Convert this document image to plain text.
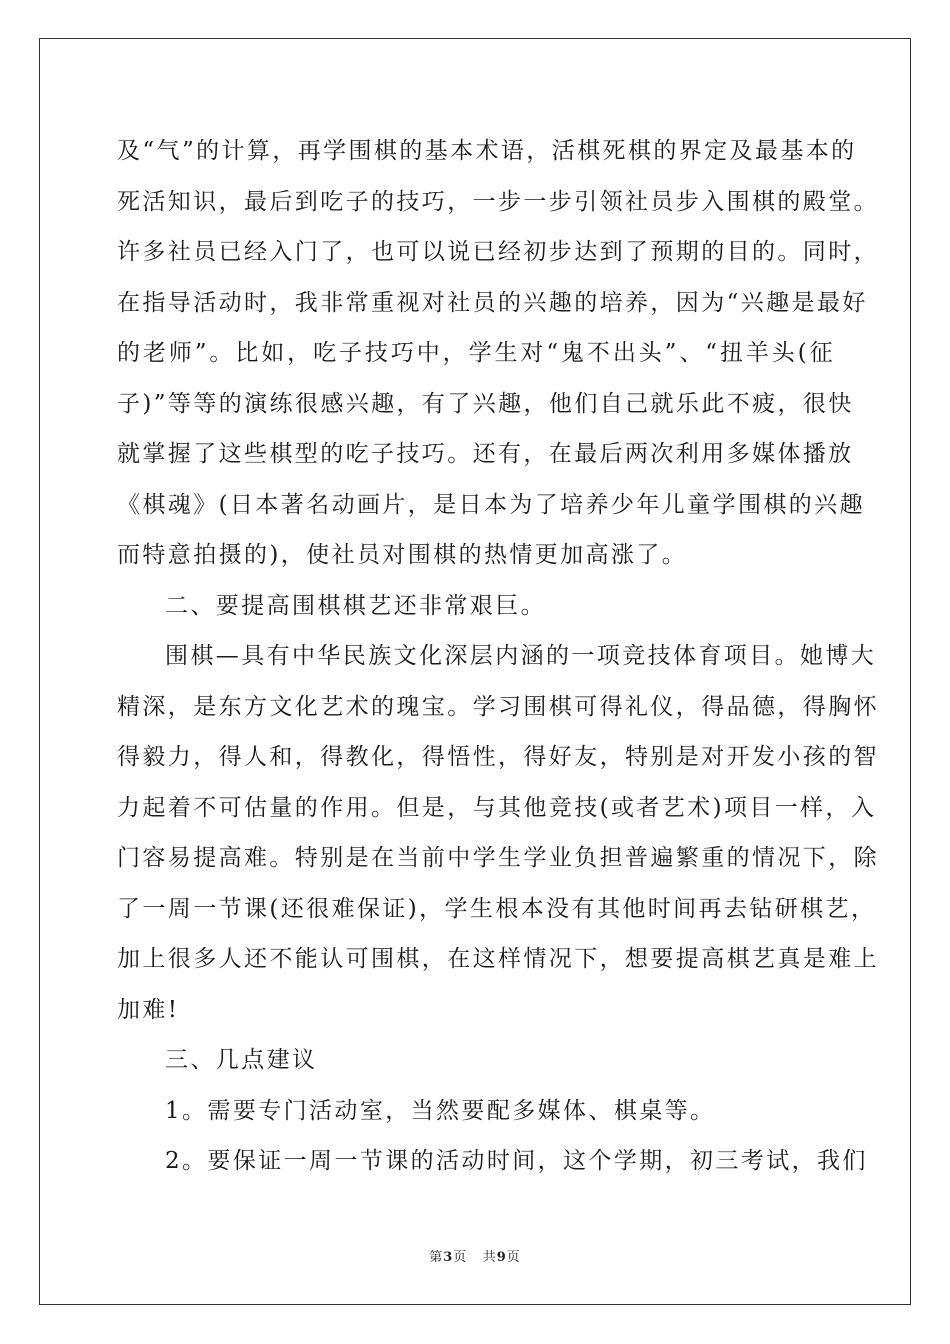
及“气”的计算，再学围棋的基本术语，活棋死棋的界定及最基本的
死活知识，最后到吃子的技巧，一步一步引领社员步入围棋的殿堂。
许多社员已经入门了，也可以说已经初步达到了预期的目的。同时，
在指导活动时，我非常重视对社员的兴趣的培养，因为“兴趣是最好
的老师”。比如，吃子技巧中，学生对“鬼不出头”、“扭羊头(征
子)”等等的演练很感兴趣，有了兴趣，他们自己就乐此不疲，很快
就掌握了这些棋型的吃子技巧。还有，在最后两次利用多媒体播放
《棋魂》(日本著名动画片，是日本为了培养少年儿童学围棋的兴趣
而特意拍摄的)，使社员对围棋的热情更加高涨了。
二、要提高围棋棋艺还非常艰巨。
围棋—具有中华民族文化深层内涵的一项竞技体育项目。她博大
精深，是东方文化艺术的瑰宝。学习围棋可得礼仪，得品德，得胸怀
得毅力，得人和，得教化，得悟性，得好友，特别是对开发小孩的智
力起着不可估量的作用。但是，与其他竞技(或者艺术)项目一样，入
门容易提高难。特别是在当前中学生学业负担普遍繁重的情况下，除
了一周一节课(还很难保证)，学生根本没有其他时间再去钻研棋艺，
加上很多人还不能认可围棋，在这样情况下，想要提高棋艺真是难上
加难!
三、几点建议
1。需要专门活动室，当然要配多媒体、棋桌等。
2。要保证一周一节课的活动时间，这个学期，初三考试，我们
第3页   共9页
